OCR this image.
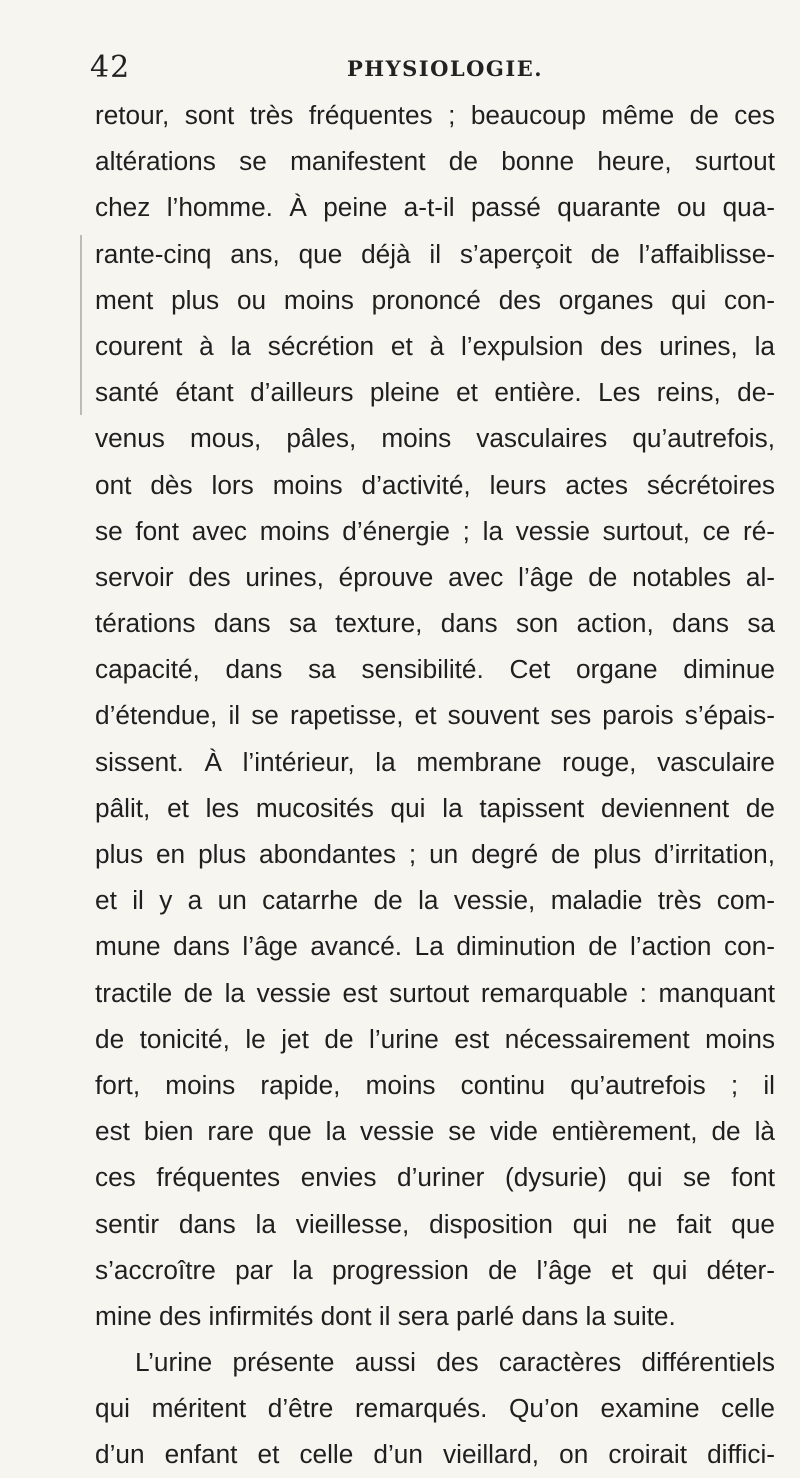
42	PHYSIOLOGIE.
retour, sont très fréquentes ; beaucoup même de ces
altérations se manifestent de bonne heure, surtout
chez l’homme. À peine a-t-il passé quarante ou qua-
rante-cinq ans, que déjà il s’aperçoit de l’affaiblisse-
ment plus ou moins prononcé des organes qui con-
courent à la sécrétion et à l’expulsion des urines, la
santé étant d’ailleurs pleine et entière. Les reins, de-
venus mous, pâles, moins vasculaires qu’autrefois,
ont dès lors moins d’activité, leurs actes sécrétoires
se font avec moins d’énergie ; la vessie surtout, ce ré-
servoir des urines, éprouve avec l’âge de notables al-
térations dans sa texture, dans son action, dans sa
capacité, dans sa sensibilité. Cet organe diminue
d’étendue, il se rapetisse, et souvent ses parois s’épais-
sissent. À l’intérieur, la membrane rouge, vasculaire
pâlit, et les mucosités qui la tapissent deviennent de
plus en plus abondantes ; un degré de plus d’irritation,
et il y a un catarrhe de la vessie, maladie très com-
mune dans l’âge avancé. La diminution de l’action con-
tractile de la vessie est surtout remarquable : manquant
de tonicité, le jet de l’urine est nécessairement moins
fort, moins rapide, moins continu qu’autrefois ; il
est bien rare que la vessie se vide entièrement, de là
ces fréquentes envies d’uriner (dysurie) qui se font
sentir dans la vieillesse, disposition qui ne fait que
s’accroître par la progression de l’âge et qui déter-
mine des infirmités dont il sera parlé dans la suite.
L’urine présente aussi des caractères différentiels
qui méritent d’être remarqués. Qu’on examine celle
d’un enfant et celle d’un vieillard, on croirait diffici-
